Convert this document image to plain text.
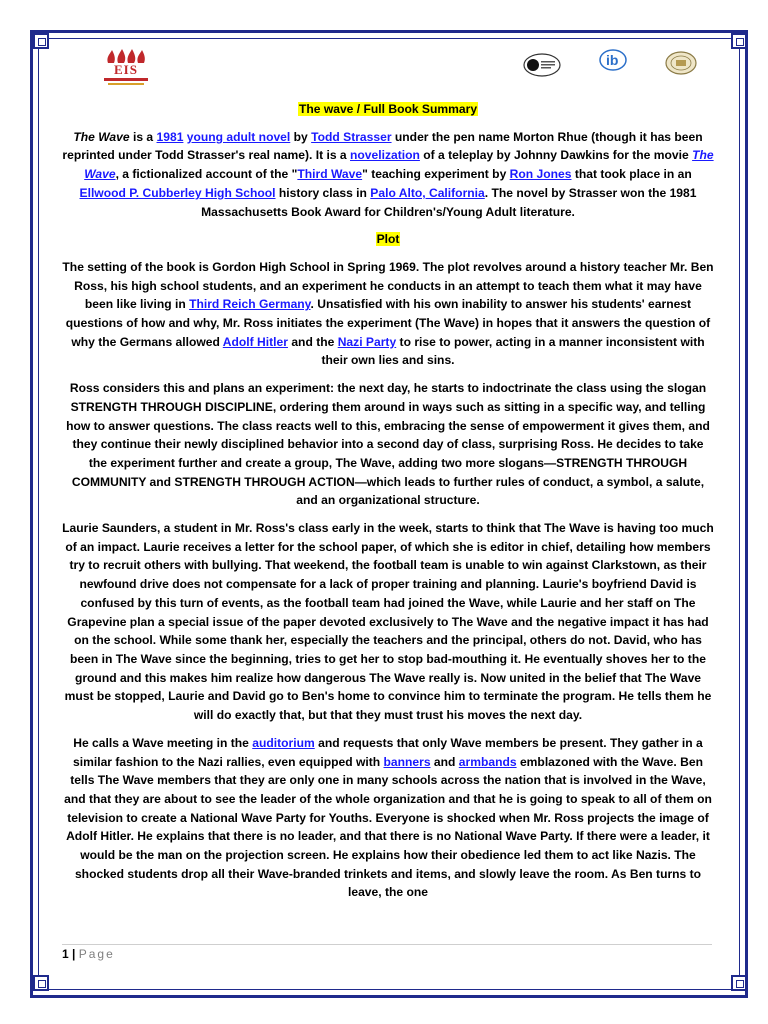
EIS
ib
The wave / Full Book Summary
The Wave is a 1981 young adult novel by Todd Strasser under the pen name Morton Rhue (though it has been reprinted under Todd Strasser's real name). It is a novelization of a teleplay by Johnny Dawkins for the movie The Wave, a fictionalized account of the "Third Wave" teaching experiment by Ron Jones that took place in an Ellwood P. Cubberley High School history class in Palo Alto, California. The novel by Strasser won the 1981 Massachusetts Book Award for Children's/Young Adult literature.
Plot
The setting of the book is Gordon High School in Spring 1969. The plot revolves around a history teacher Mr. Ben Ross, his high school students, and an experiment he conducts in an attempt to teach them what it may have been like living in Third Reich Germany. Unsatisfied with his own inability to answer his students' earnest questions of how and why, Mr. Ross initiates the experiment (The Wave) in hopes that it answers the question of why the Germans allowed Adolf Hitler and the Nazi Party to rise to power, acting in a manner inconsistent with their own lies and sins.
Ross considers this and plans an experiment: the next day, he starts to indoctrinate the class using the slogan STRENGTH THROUGH DISCIPLINE, ordering them around in ways such as sitting in a specific way, and telling how to answer questions. The class reacts well to this, embracing the sense of empowerment it gives them, and they continue their newly disciplined behavior into a second day of class, surprising Ross. He decides to take the experiment further and create a group, The Wave, adding two more slogans—STRENGTH THROUGH COMMUNITY and STRENGTH THROUGH ACTION—which leads to further rules of conduct, a symbol, a salute, and an organizational structure.
Laurie Saunders, a student in Mr. Ross's class early in the week, starts to think that The Wave is having too much of an impact. Laurie receives a letter for the school paper, of which she is editor in chief, detailing how members try to recruit others with bullying. That weekend, the football team is unable to win against Clarkstown, as their newfound drive does not compensate for a lack of proper training and planning. Laurie's boyfriend David is confused by this turn of events, as the football team had joined the Wave, while Laurie and her staff on The Grapevine plan a special issue of the paper devoted exclusively to The Wave and the negative impact it has had on the school. While some thank her, especially the teachers and the principal, others do not. David, who has been in The Wave since the beginning, tries to get her to stop bad-mouthing it. He eventually shoves her to the ground and this makes him realize how dangerous The Wave really is. Now united in the belief that The Wave must be stopped, Laurie and David go to Ben's home to convince him to terminate the program. He tells them he will do exactly that, but that they must trust his moves the next day.
He calls a Wave meeting in the auditorium and requests that only Wave members be present. They gather in a similar fashion to the Nazi rallies, even equipped with banners and armbands emblazoned with the Wave. Ben tells The Wave members that they are only one in many schools across the nation that is involved in the Wave, and that they are about to see the leader of the whole organization and that he is going to speak to all of them on television to create a National Wave Party for Youths. Everyone is shocked when Mr. Ross projects the image of Adolf Hitler. He explains that there is no leader, and that there is no National Wave Party. If there were a leader, it would be the man on the projection screen. He explains how their obedience led them to act like Nazis. The shocked students drop all their Wave-branded trinkets and items, and slowly leave the room. As Ben turns to leave, the one
1 | Page
